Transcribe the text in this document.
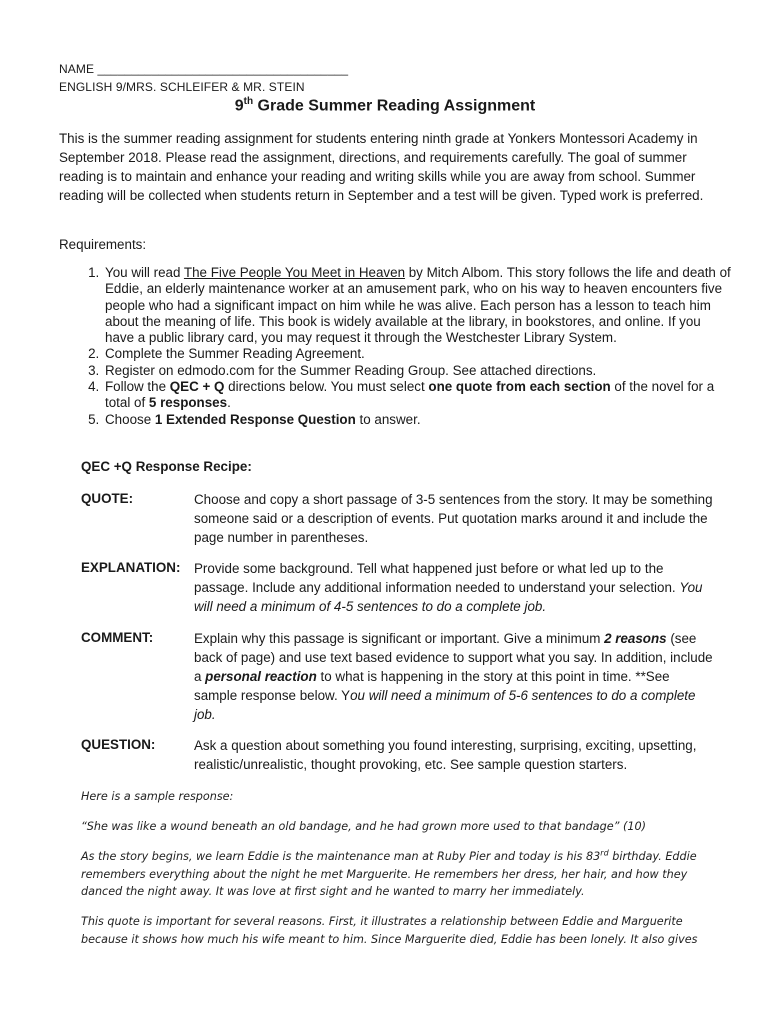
NAME _____________________________________
ENGLISH 9/MRS. SCHLEIFER & MR. STEIN
9th Grade Summer Reading Assignment
This is the summer reading assignment for students entering ninth grade at Yonkers Montessori Academy in September 2018. Please read the assignment, directions, and requirements carefully. The goal of summer reading is to maintain and enhance your reading and writing skills while you are away from school. Summer reading will be collected when students return in September and a test will be given. Typed work is preferred.
Requirements:
1. You will read The Five People You Meet in Heaven by Mitch Albom. This story follows the life and death of Eddie, an elderly maintenance worker at an amusement park, who on his way to heaven encounters five people who had a significant impact on him while he was alive. Each person has a lesson to teach him about the meaning of life. This book is widely available at the library, in bookstores, and online. If you have a public library card, you may request it through the Westchester Library System.
2. Complete the Summer Reading Agreement.
3. Register on edmodo.com for the Summer Reading Group. See attached directions.
4. Follow the QEC + Q directions below. You must select one quote from each section of the novel for a total of 5 responses.
5. Choose 1 Extended Response Question to answer.
QEC +Q Response Recipe:
QUOTE:	Choose and copy a short passage of 3-5 sentences from the story. It may be something someone said or a description of events. Put quotation marks around it and include the page number in parentheses.
EXPLANATION: Provide some background. Tell what happened just before or what led up to the passage. Include any additional information needed to understand your selection. You will need a minimum of 4-5 sentences to do a complete job.
COMMENT:	Explain why this passage is significant or important. Give a minimum 2 reasons (see back of page) and use text based evidence to support what you say. In addition, include a personal reaction to what is happening in the story at this point in time. **See sample response below. You will need a minimum of 5-6 sentences to do a complete job.
QUESTION:	Ask a question about something you found interesting, surprising, exciting, upsetting, realistic/unrealistic, thought provoking, etc. See sample question starters.
Here is a sample response:
“She was like a wound beneath an old bandage, and he had grown more used to that bandage” (10)
As the story begins, we learn Eddie is the maintenance man at Ruby Pier and today is his 83rd birthday. Eddie remembers everything about the night he met Marguerite. He remembers her dress, her hair, and how they danced the night away. It was love at first sight and he wanted to marry her immediately.
This quote is important for several reasons. First, it illustrates a relationship between Eddie and Marguerite because it shows how much his wife meant to him. Since Marguerite died, Eddie has been lonely. It also gives
